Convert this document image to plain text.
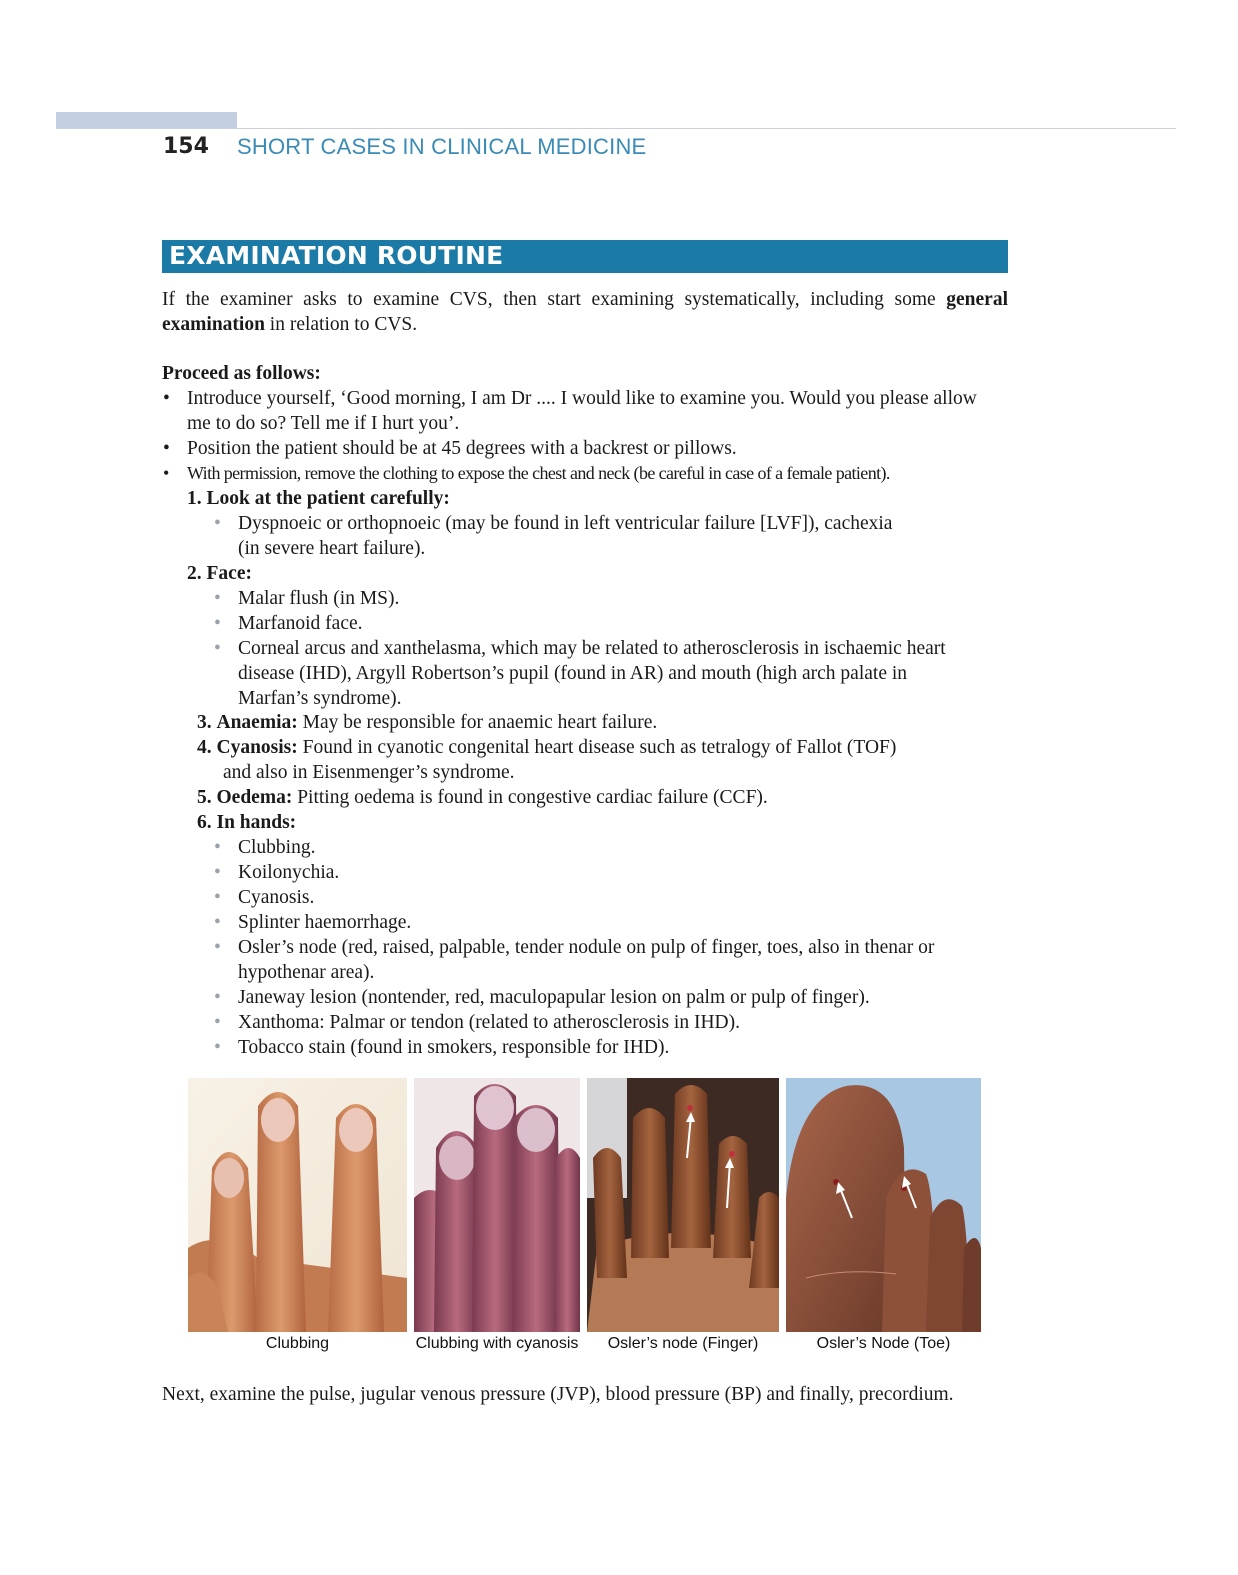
154 SHORT CASES IN CLINICAL MEDICINE
EXAMINATION ROUTINE
If the examiner asks to examine CVS, then start examining systematically, including some general examination in relation to CVS.
Proceed as follows:
• Introduce yourself, ‘Good morning, I am Dr .... I would like to examine you. Would you please allow me to do so? Tell me if I hurt you’.
• Position the patient should be at 45 degrees with a backrest or pillows.
• With permission, remove the clothing to expose the chest and neck (be careful in case of a female patient).
1. Look at the patient carefully:
• Dyspnoeic or orthopnoeic (may be found in left ventricular failure [LVF]), cachexia
(in severe heart failure).
2. Face:
• Malar flush (in MS).
• Marfanoid face.
• Corneal arcus and xanthelasma, which may be related to atherosclerosis in ischaemic heart
disease (IHD), Argyll Robertson’s pupil (found in AR) and mouth (high arch palate in
Marfan’s syndrome).
3. Anaemia: May be responsible for anaemic heart failure.
4. Cyanosis: Found in cyanotic congenital heart disease such as tetralogy of Fallot (TOF)
and also in Eisenmenger’s syndrome.
5. Oedema: Pitting oedema is found in congestive cardiac failure (CCF).
6. In hands:
• Clubbing.
• Koilonychia.
• Cyanosis.
• Splinter haemorrhage.
• Osler’s node (red, raised, palpable, tender nodule on pulp of finger, toes, also in thenar or
hypothenar area).
• Janeway lesion (nontender, red, maculopapular lesion on palm or pulp of finger).
• Xanthoma: Palmar or tendon (related to atherosclerosis in IHD).
• Tobacco stain (found in smokers, responsible for IHD).
Clubbing	Clubbing with cyanosis	Osler’s node (Finger)	Osler’s Node (Toe)
Next, examine the pulse, jugular venous pressure (JVP), blood pressure (BP) and finally, precordium.
